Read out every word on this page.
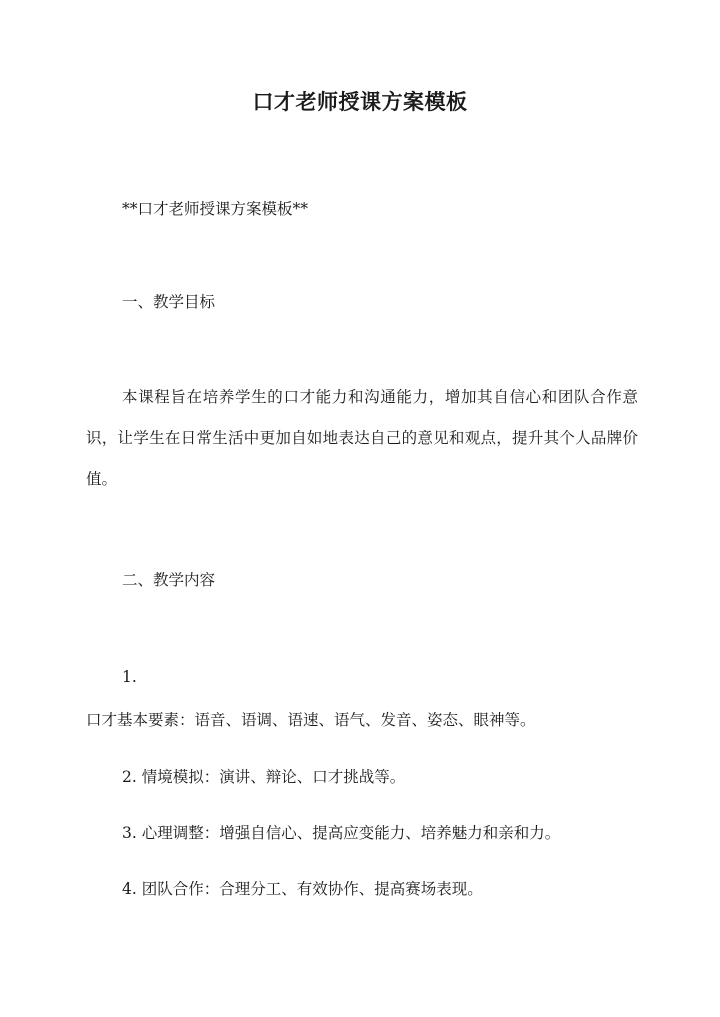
口才老师授课方案模板
**口才老师授课方案模板**
一、教学目标
本课程旨在培养学生的口才能力和沟通能力，增加其自信心和团队合作意识，让学生在日常生活中更加自如地表达自己的意见和观点，提升其个人品牌价值。
二、教学内容
1.
口才基本要素：语音、语调、语速、语气、发音、姿态、眼神等。
2. 情境模拟：演讲、辩论、口才挑战等。
3. 心理调整：增强自信心、提高应变能力、培养魅力和亲和力。
4. 团队合作：合理分工、有效协作、提高赛场表现。
